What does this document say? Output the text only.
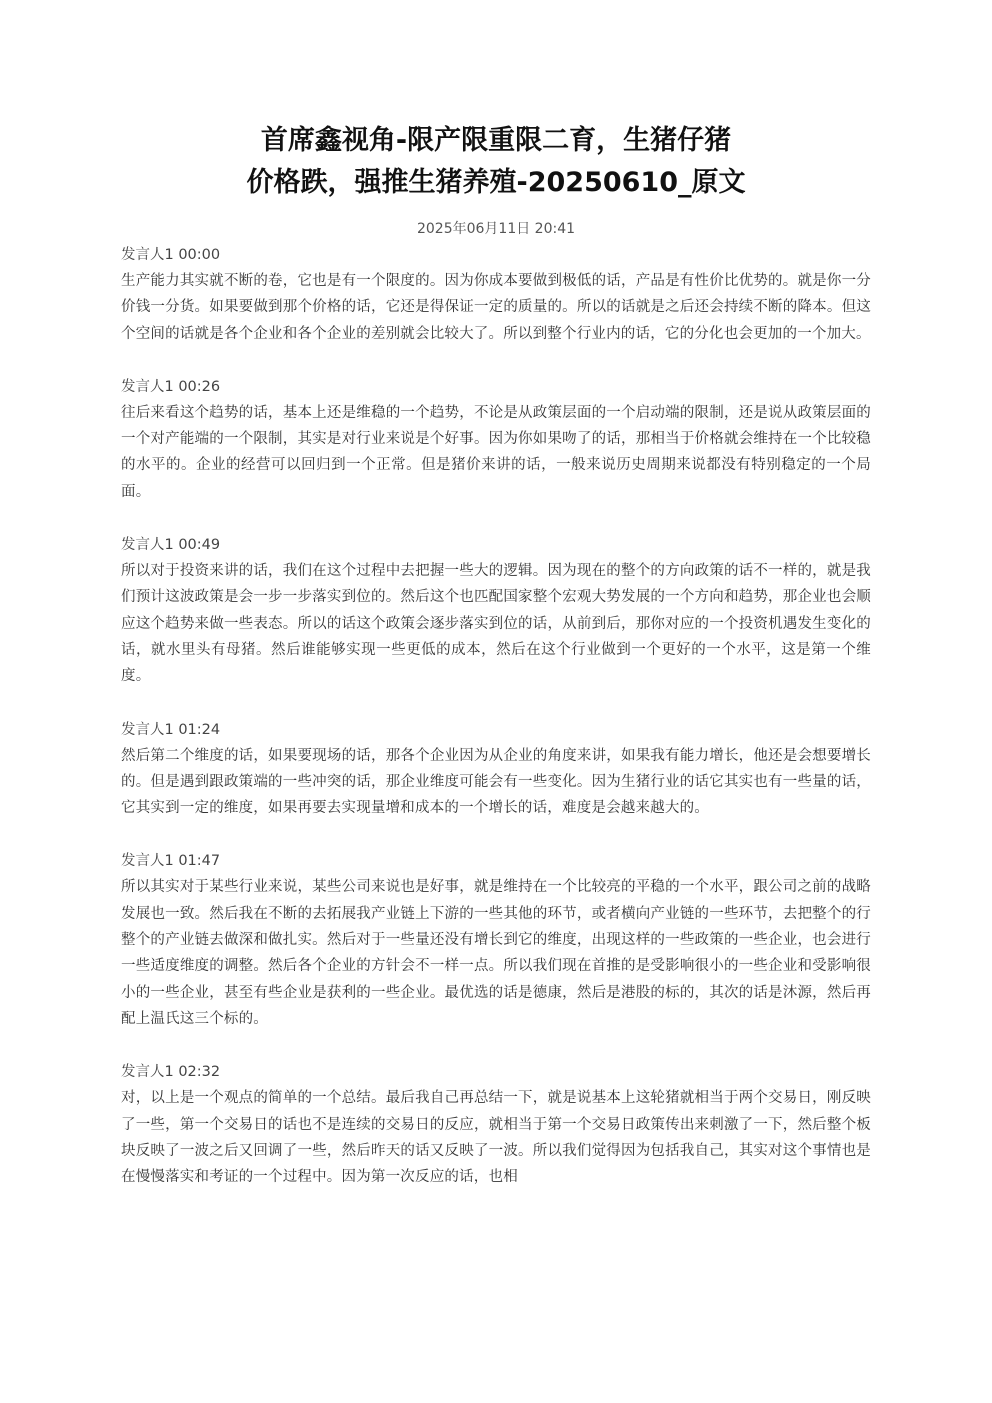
首席鑫视角-限产限重限二育，生猪仔猪
价格跌，强推生猪养殖-20250610_原文
2025年06月11日 20:41
发言人1 00:00

生产能力其实就不断的卷，它也是有一个限度的。因为你成本要做到极低的话，产品是有性价比优势的。就是你一分价钱一分货。如果要做到那个价格的话，它还是得保证一定的质量的。所以的话就是之后还会持续不断的降本。但这个空间的话就是各个企业和各个企业的差别就会比较大了。所以到整个行业内的话，它的分化也会更加的一个加大。

发言人1 00:26

往后来看这个趋势的话，基本上还是维稳的一个趋势，不论是从政策层面的一个启动端的限制，还是说从政策层面的一个对产能端的一个限制，其实是对行业来说是个好事。因为你如果吻了的话，那相当于价格就会维持在一个比较稳的水平的。企业的经营可以回归到一个正常。但是猪价来讲的话，一般来说历史周期来说都没有特别稳定的一个局面。

发言人1 00:49

所以对于投资来讲的话，我们在这个过程中去把握一些大的逻辑。因为现在的整个的方向政策的话不一样的，就是我们预计这波政策是会一步一步落实到位的。然后这个也匹配国家整个宏观大势发展的一个方向和趋势，那企业也会顺应这个趋势来做一些表态。所以的话这个政策会逐步落实到位的话，从前到后，那你对应的一个投资机遇发生变化的话，就水里头有母猪。然后谁能够实现一些更低的成本，然后在这个行业做到一个更好的一个水平，这是第一个维度。

发言人1 01:24

然后第二个维度的话，如果要现场的话，那各个企业因为从企业的角度来讲，如果我有能力增长，他还是会想要增长的。但是遇到跟政策端的一些冲突的话，那企业维度可能会有一些变化。因为生猪行业的话它其实也有一些量的话，它其实到一定的维度，如果再要去实现量增和成本的一个增长的话，难度是会越来越大的。

发言人1 01:47

所以其实对于某些行业来说，某些公司来说也是好事，就是维持在一个比较亮的平稳的一个水平，跟公司之前的战略发展也一致。然后我在不断的去拓展我产业链上下游的一些其他的环节，或者横向产业链的一些环节，去把整个的行整个的产业链去做深和做扎实。然后对于一些量还没有增长到它的维度，出现这样的一些政策的一些企业，也会进行一些适度维度的调整。然后各个企业的方针会不一样一点。所以我们现在首推的是受影响很小的一些企业和受影响很小的一些企业，甚至有些企业是获利的一些企业。最优选的话是德康，然后是港股的标的，其次的话是沐源，然后再配上温氏这三个标的。

发言人1 02:32

对，以上是一个观点的简单的一个总结。最后我自己再总结一下，就是说基本上这轮猪就相当于两个交易日，刚反映了一些，第一个交易日的话也不是连续的交易日的反应，就相当于第一个交易日政策传出来刺激了一下，然后整个板块反映了一波之后又回调了一些，然后昨天的话又反映了一波。所以我们觉得因为包括我自己，其实对这个事情也是在慢慢落实和考证的一个过程中。因为第一次反应的话，也相
